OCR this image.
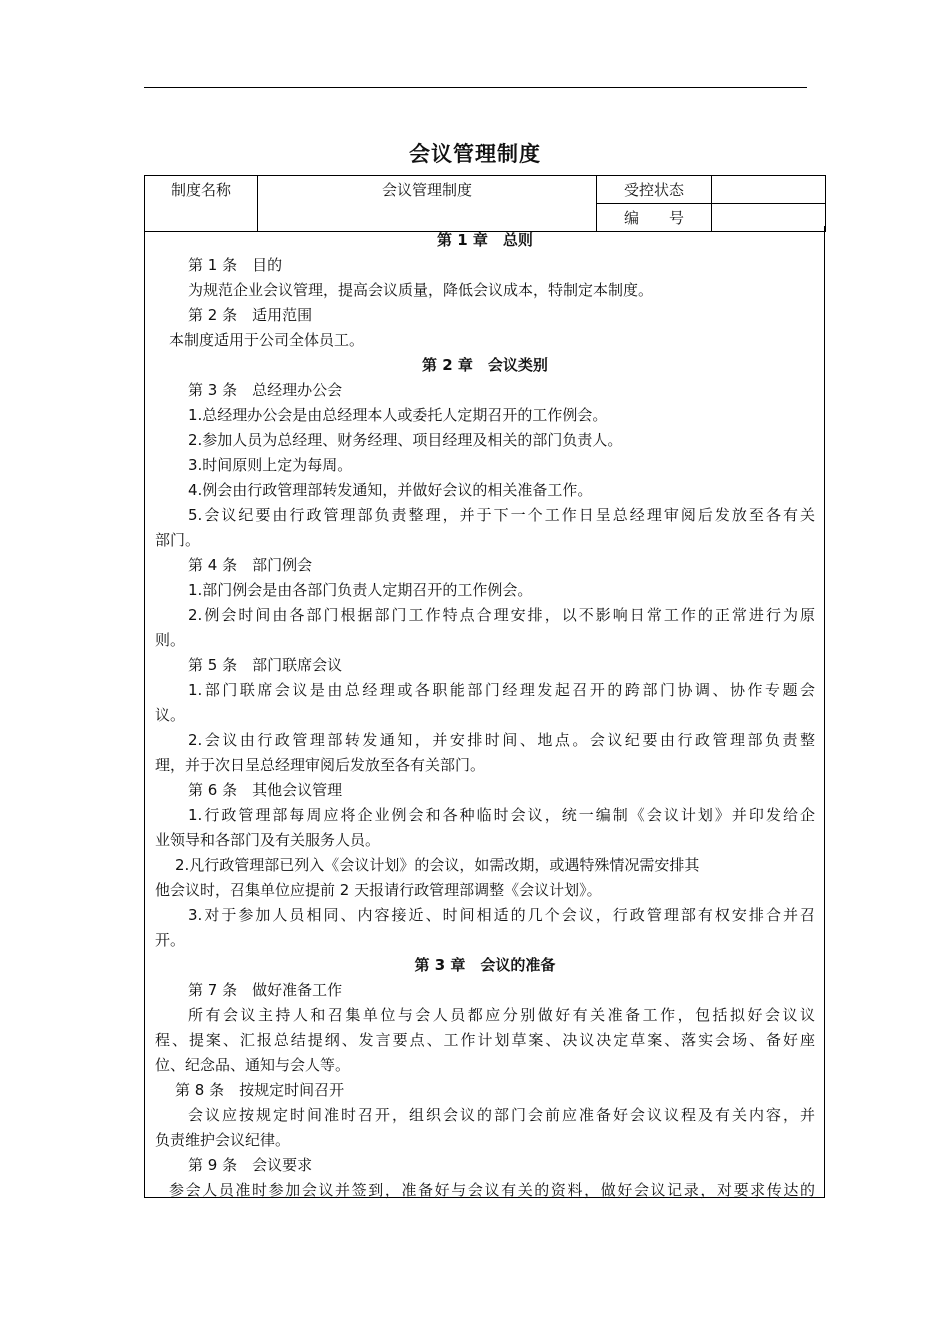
会议管理制度
制度名称	会议管理制度	受控状态	
		编　　号	
第 1 章　总则
第 1 条　目的
为规范企业会议管理，提高会议质量，降低会议成本，特制定本制度。
第 2 条　适用范围
本制度适用于公司全体员工。
第 2 章　会议类别
第 3 条　总经理办公会
1.总经理办公会是由总经理本人或委托人定期召开的工作例会。
2.参加人员为总经理、财务经理、项目经理及相关的部门负责人。
3.时间原则上定为每周。
4.例会由行政管理部转发通知，并做好会议的相关准备工作。
5.会议纪要由行政管理部负责整理，并于下一个工作日呈总经理审阅后发放至各有关
部门。
第 4 条　部门例会
1.部门例会是由各部门负责人定期召开的工作例会。
2.例会时间由各部门根据部门工作特点合理安排，以不影响日常工作的正常进行为原
则。
第 5 条　部门联席会议
1.部门联席会议是由总经理或各职能部门经理发起召开的跨部门协调、协作专题会
议。
2.会议由行政管理部转发通知，并安排时间、地点。会议纪要由行政管理部负责整
理，并于次日呈总经理审阅后发放至各有关部门。
第 6 条　其他会议管理
1.行政管理部每周应将企业例会和各种临时会议，统一编制《会议计划》并印发给企
业领导和各部门及有关服务人员。
2.凡行政管理部已列入《会议计划》的会议，如需改期，或遇特殊情况需安排其
他会议时，召集单位应提前 2 天报请行政管理部调整《会议计划》。
3.对于参加人员相同、内容接近、时间相适的几个会议，行政管理部有权安排合并召
开。
第 3 章　会议的准备
第 7 条　做好准备工作
所有会议主持人和召集单位与会人员都应分别做好有关准备工作，包括拟好会议议
程、提案、汇报总结提纲、发言要点、工作计划草案、决议决定草案、落实会场、备好座
位、纪念品、通知与会人等。
第 8 条　按规定时间召开
会议应按规定时间准时召开，组织会议的部门会前应准备好会议议程及有关内容，并
负责维护会议纪律。
第 9 条　会议要求
参会人员准时参加会议并签到，准备好与会议有关的资料，做好会议记录，对要求传达的
